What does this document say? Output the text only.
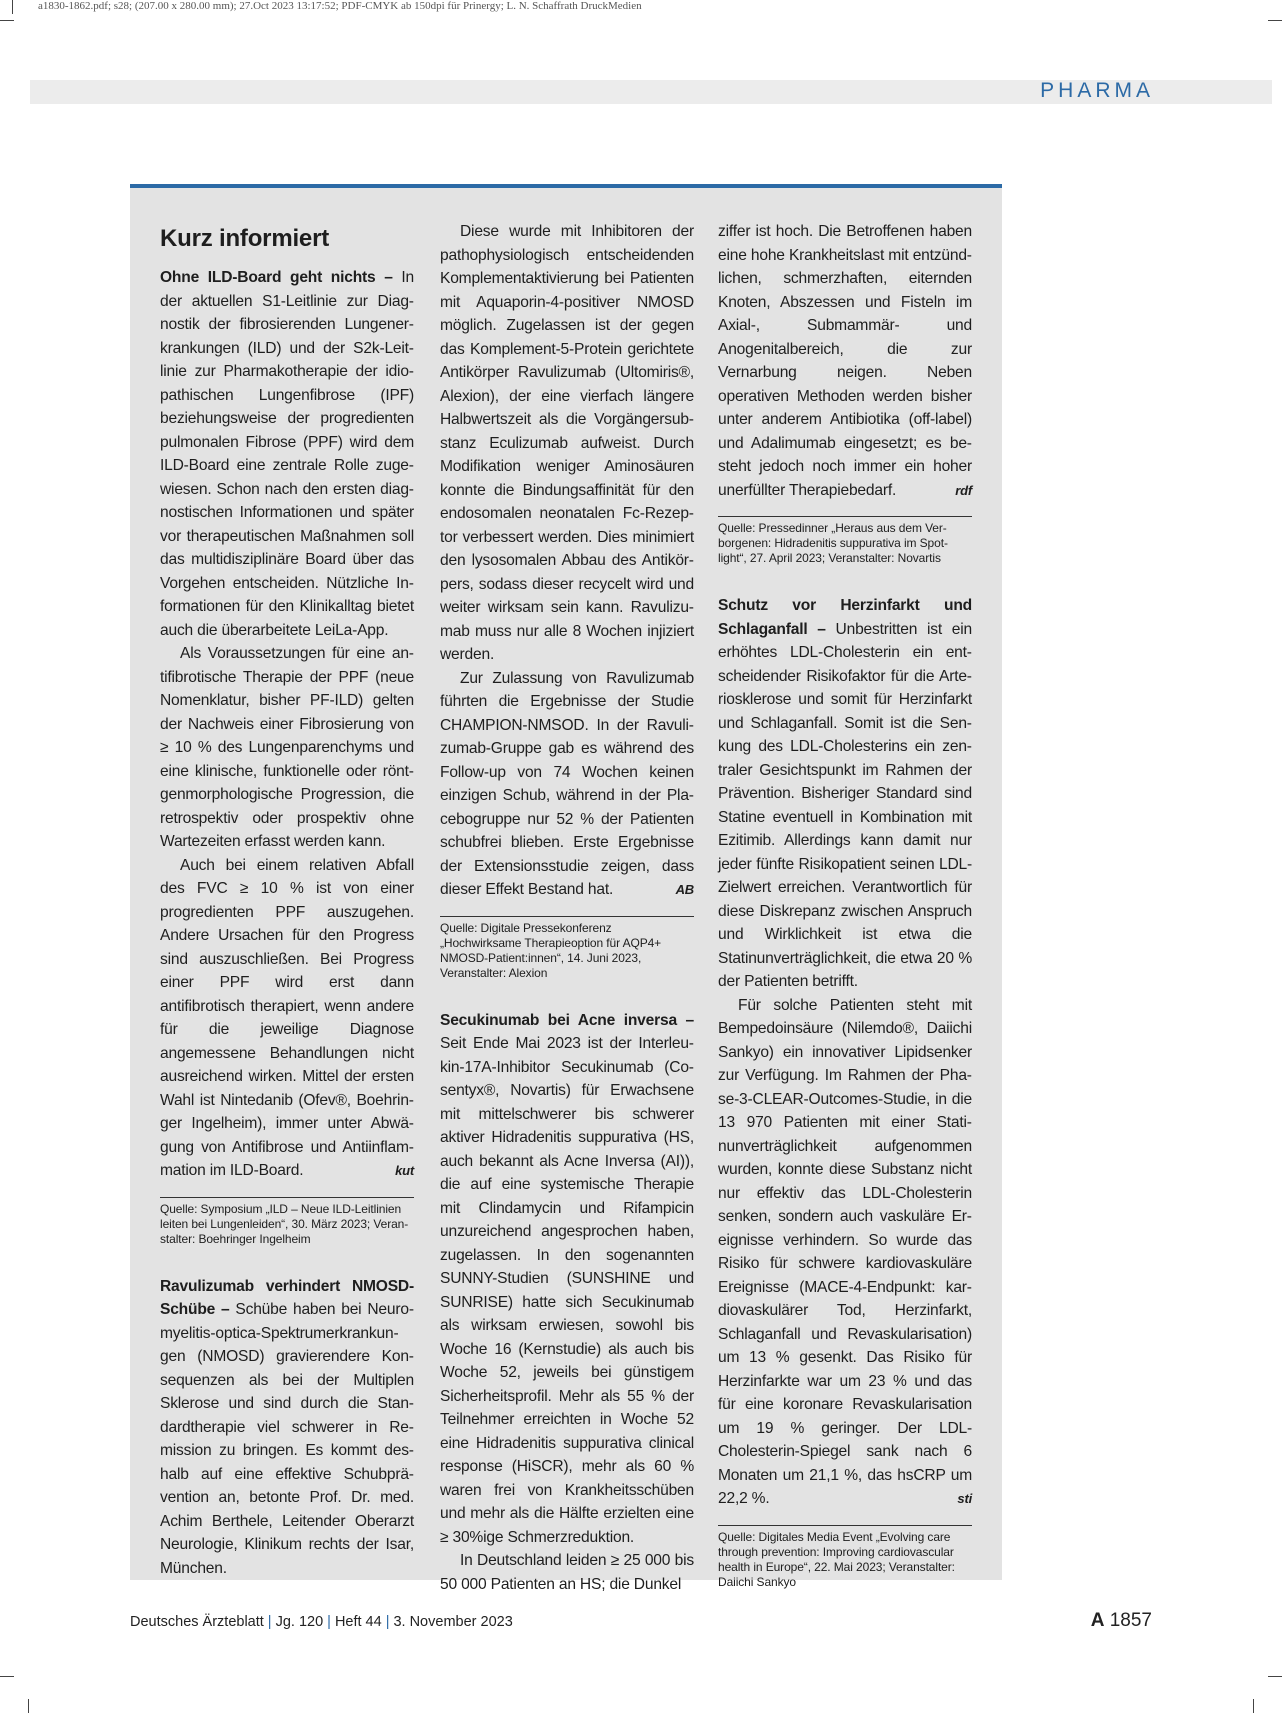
a1830-1862.pdf; s28; (207.00 x 280.00 mm); 27.Oct 2023 13:17:52; PDF-CMYK ab 150dpi für Prinergy; L. N. Schaffrath DruckMedien
PHARMA
Kurz informiert

Ohne ILD-Board geht nichts – In der aktuellen S1-Leitlinie zur Diagnostik der fibrosierenden Lungenerkrankungen (ILD) und der S2k-Leitlinie zur Pharmakotherapie der idiopathischen Lungenfibrose (IPF) beziehungsweise der progredienten pulmonalen Fibrose (PPF) wird dem ILD-Board eine zentrale Rolle zugewiesen. Schon nach den ersten diagnostischen Informationen und später vor therapeutischen Maßnahmen soll das multidisziplinäre Board über das Vorgehen entscheiden. Nützliche Informationen für den Klinikalltag bietet auch die überarbeitete LeiLa-App.

Als Voraussetzungen für eine antifibrotische Therapie der PPF (neue Nomenklatur, bisher PF-ILD) gelten der Nachweis einer Fibrosierung von ≥ 10 % des Lungenparenchyms und eine klinische, funktionelle oder röntgenmorphologische Progression, die retrospektiv oder prospektiv ohne Wartezeiten erfasst werden kann.

Auch bei einem relativen Abfall des FVC ≥ 10 % ist von einer progredienten PPF auszugehen. Andere Ursachen für den Progress sind auszuschließen. Bei Progress einer PPF wird erst dann antifibrotisch therapiert, wenn andere für die jeweilige Diagnose angemessene Behandlungen nicht ausreichend wirken. Mittel der ersten Wahl ist Nintedanib (Ofev®, Boehringer Ingelheim), immer unter Abwägung von Antifibrose und Antiinflammation im ILD-Board.	kut

Quelle: Symposium „ILD – Neue ILD-Leitlinien leiten bei Lungenleiden“, 30. März 2023; Veranstalter: Boehringer Ingelheim

Ravulizumab verhindert NMOSD-Schübe – Schübe haben bei Neuromyelitis-optica-Spektrumerkrankungen (NMOSD) gravierendere Konsequenzen als bei der Multiplen Sklerose und sind durch die Standardtherapie viel schwerer in Remission zu bringen. Es kommt deshalb auf eine effektive Schubprävention an, betonte Prof. Dr. med. Achim Berthele, Leitender Oberarzt Neurologie, Klinikum rechts der Isar, München.

Diese wurde mit Inhibitoren der pathophysiologisch entscheidenden Komplementaktivierung bei Patienten mit Aquaporin-4-positiver NMOSD möglich. Zugelassen ist der gegen das Komplement-5-Protein gerichtete Antikörper Ravulizumab (Ultomiris®, Alexion), der eine vierfach längere Halbwertszeit als die Vorgängersubstanz Eculizumab aufweist. Durch Modifikation weniger Aminosäuren konnte die Bindungsaffinität für den endosomalen neonatalen Fc-Rezeptor verbessert werden. Dies minimiert den lysosomalen Abbau des Antikörpers, sodass dieser recycelt wird und weiter wirksam sein kann. Ravulizumab muss nur alle 8 Wochen injiziert werden.

Zur Zulassung von Ravulizumab führten die Ergebnisse der Studie CHAMPION-NMSOD. In der Ravulizumab-Gruppe gab es während des Follow-up von 74 Wochen keinen einzigen Schub, während in der Placebogruppe nur 52 % der Patienten schubfrei blieben. Erste Ergebnisse der Extensionsstudie zeigen, dass dieser Effekt Bestand hat.	AB

Quelle: Digitale Pressekonferenz „Hochwirksame Therapieoption für AQP4+ NMOSD-Patient:innen“, 14. Juni 2023, Veranstalter: Alexion

Secukinumab bei Acne inversa – Seit Ende Mai 2023 ist der Interleukin-17A-Inhibitor Secukinumab (Cosentyx®, Novartis) für Erwachsene mit mittelschwerer bis schwerer aktiver Hidradenitis suppurativa (HS, auch bekannt als Acne Inversa (AI)), die auf eine systemische Therapie mit Clindamycin und Rifampicin unzureichend angesprochen haben, zugelassen. In den sogenannten SUNNY-Studien (SUNSHINE und SUNRISE) hatte sich Secukinumab als wirksam erwiesen, sowohl bis Woche 16 (Kernstudie) als auch bis Woche 52, jeweils bei günstigem Sicherheitsprofil. Mehr als 55 % der Teilnehmer erreichten in Woche 52 eine Hidradenitis suppurativa clinical response (HiSCR), mehr als 60 % waren frei von Krankheitsschüben und mehr als die Hälfte erzielten eine ≥ 30%ige Schmerzreduktion.

In Deutschland leiden ≥ 25 000 bis 50 000 Patienten an HS; die Dunkel

ziffer ist hoch. Die Betroffenen haben eine hohe Krankheitslast mit entzündlichen, schmerzhaften, eiternden Knoten, Abszessen und Fisteln im Axial-, Submammär- und Anogenitalbereich, die zur Vernarbung neigen. Neben operativen Methoden werden bisher unter anderem Antibiotika (off-label) und Adalimumab eingesetzt; es besteht jedoch noch immer ein hoher unerfüllter Therapiebedarf.	rdf

Quelle: Pressedinner „Heraus aus dem Verborgenen: Hidradenitis suppurativa im Spotlight“, 27. April 2023; Veranstalter: Novartis

Schutz vor Herzinfarkt und Schlaganfall – Unbestritten ist ein erhöhtes LDL-Cholesterin ein entscheidender Risikofaktor für die Arteriosklerose und somit für Herzinfarkt und Schlaganfall. Somit ist die Senkung des LDL-Cholesterins ein zentraler Gesichtspunkt im Rahmen der Prävention. Bisheriger Standard sind Statine eventuell in Kombination mit Ezitimib. Allerdings kann damit nur jeder fünfte Risikopatient seinen LDL-Zielwert erreichen. Verantwortlich für diese Diskrepanz zwischen Anspruch und Wirklichkeit ist etwa die Statinunverträglichkeit, die etwa 20 % der Patienten betrifft.

Für solche Patienten steht mit Bempedoinsäure (Nilemdo®, Daiichi Sankyo) ein innovativer Lipidsenker zur Verfügung. Im Rahmen der Phase-3-CLEAR-Outcomes-Studie, in die 13 970 Patienten mit einer Statinunverträglichkeit aufgenommen wurden, konnte diese Substanz nicht nur effektiv das LDL-Cholesterin senken, sondern auch vaskuläre Ereignisse verhindern. So wurde das Risiko für schwere kardiovaskuläre Ereignisse (MACE-4-Endpunkt: kardiovaskulärer Tod, Herzinfarkt, Schlaganfall und Revaskularisation) um 13 % gesenkt. Das Risiko für Herzinfarkte war um 23 % und das für eine koronare Revaskularisation um 19 % geringer. Der LDL-Cholesterin-Spiegel sank nach 6 Monaten um 21,1 %, das hsCRP um 22,2 %.	sti

Quelle: Digitales Media Event „Evolving care through prevention: Improving cardiovascular health in Europe“, 22. Mai 2023; Veranstalter: Daiichi Sankyo
Deutsches Ärzteblatt | Jg. 120 | Heft 44 | 3. November 2023	A 1857
